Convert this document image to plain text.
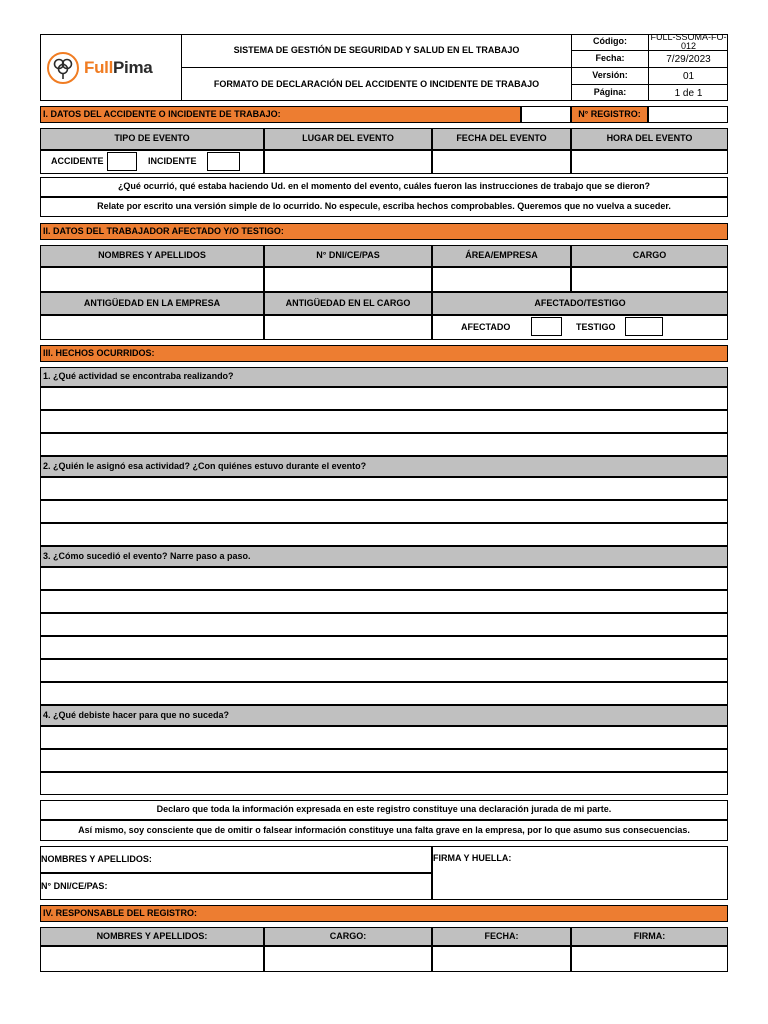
Full Pima
SISTEMA DE GESTIÓN DE SEGURIDAD Y SALUD EN EL TRABAJO
FORMATO DE DECLARACIÓN DEL ACCIDENTE O INCIDENTE DE TRABAJO
Código:	FULL-SSOMA-FO-012
Fecha:	7/29/2023
Versión:	01
Página:	1 de 1
I. DATOS DEL ACCIDENTE O INCIDENTE DE TRABAJO:	N° REGISTRO:
TIPO DE EVENTO	LUGAR DEL EVENTO	FECHA DEL EVENTO	HORA DEL EVENTO
ACCIDENTE	INCIDENTE
¿Qué ocurrió, qué estaba haciendo Ud. en el momento del evento, cuáles fueron las instrucciones de trabajo que se dieron?
Relate por escrito una versión simple de lo ocurrido. No especule, escriba hechos comprobables. Queremos que no vuelva a suceder.
II. DATOS DEL TRABAJADOR AFECTADO Y/O TESTIGO:
NOMBRES Y APELLIDOS	N° DNI/CE/PAS	ÁREA/EMPRESA	CARGO
ANTIGÜEDAD EN LA EMPRESA	ANTIGÜEDAD EN EL CARGO	AFECTADO/TESTIGO
AFECTADO	TESTIGO
III. HECHOS OCURRIDOS:
1. ¿Qué actividad se encontraba realizando?
2. ¿Quién le asignó esa actividad? ¿Con quiénes estuvo durante el evento?
3. ¿Cómo sucedió el evento? Narre paso a paso.
4. ¿Qué debiste hacer para que no suceda?
Declaro que toda la información expresada en este registro constituye una declaración jurada de mi parte.
Así mismo, soy consciente que de omitir o falsear información constituye una falta grave en la empresa, por lo que asumo sus consecuencias.
NOMBRES Y APELLIDOS:
N° DNI/CE/PAS:
FIRMA Y HUELLA:
IV. RESPONSABLE DEL REGISTRO:
NOMBRES Y APELLIDOS:	CARGO:	FECHA:	FIRMA:
